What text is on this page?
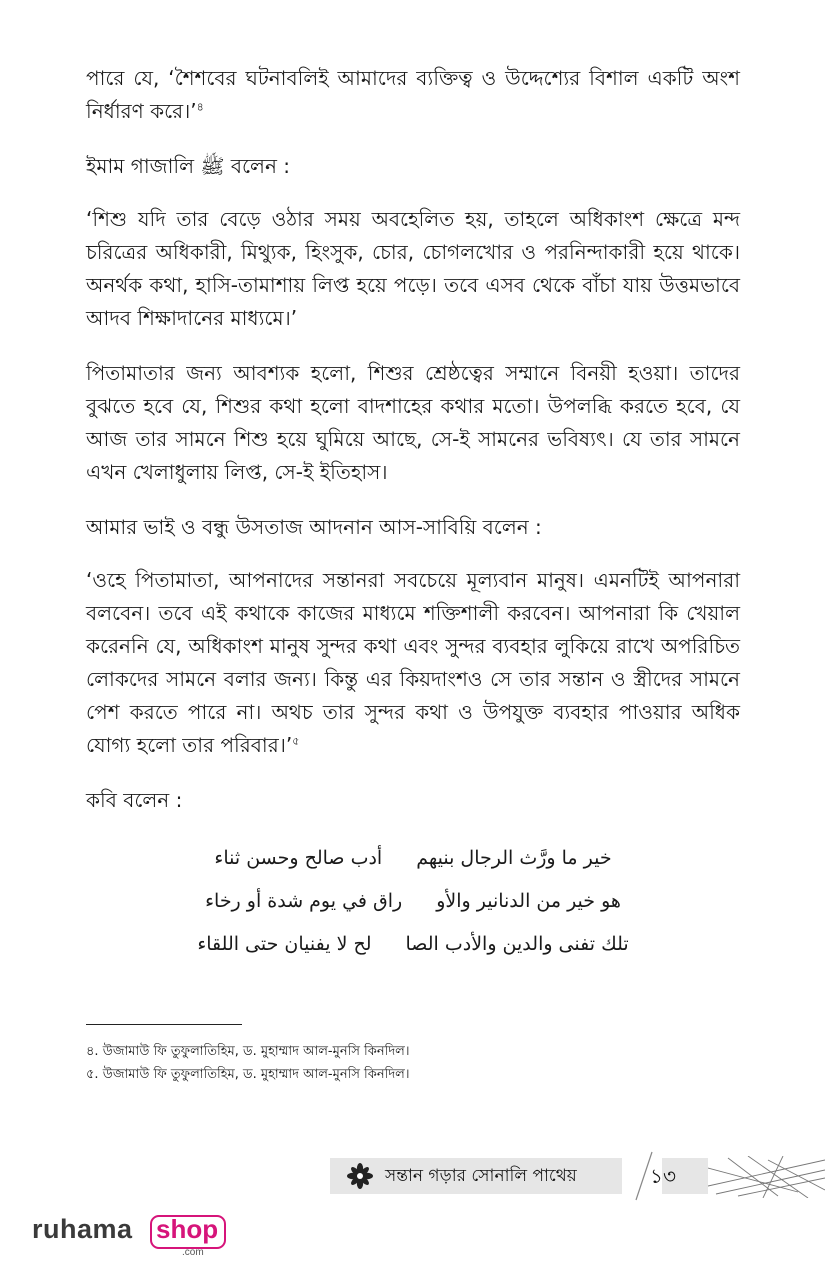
পারে যে, ‘শৈশবের ঘটনাবলিই আমাদের ব্যক্তিত্ব ও উদ্দেশ্যের বিশাল একটি অংশ নির্ধারণ করে।’$^৪$

ইমাম গাজালি ﷺ বলেন :

‘শিশু যদি তার বেড়ে ওঠার সময় অবহেলিত হয়, তাহলে অধিকাংশ ক্ষেত্রে মন্দ চরিত্রের অধিকারী, মিথ্যুক, হিংসুক, চোর, চোগলখোর ও পরনিন্দাকারী হয়ে থাকে। অনর্থক কথা, হাসি-তামাশায় লিপ্ত হয়ে পড়ে। তবে এসব থেকে বাঁচা যায় উত্তমভাবে আদব শিক্ষাদানের মাধ্যমে।’

পিতামাতার জন্য আবশ্যক হলো, শিশুর শ্রেষ্ঠত্বের সম্মানে বিনয়ী হওয়া। তাদের বুঝতে হবে যে, শিশুর কথা হলো বাদশাহের কথার মতো। উপলব্ধি করতে হবে, যে আজ তার সামনে শিশু হয়ে ঘুমিয়ে আছে, সে-ই সামনের ভবিষ্যৎ। যে তার সামনে এখন খেলাধুলায় লিপ্ত, সে-ই ইতিহাস।

আমার ভাই ও বন্ধু উসতাজ আদনান আস-সাবিয়ি বলেন :

‘ওহে পিতামাতা, আপনাদের সন্তানরা সবচেয়ে মূল্যবান মানুষ। এমনটিই আপনারা বলবেন। তবে এই কথাকে কাজের মাধ্যমে শক্তিশালী করবেন। আপনারা কি খেয়াল করেননি যে, অধিকাংশ মানুষ সুন্দর কথা এবং সুন্দর ব্যবহার লুকিয়ে রাখে অপরিচিত লোকদের সামনে বলার জন্য। কিন্তু এর কিয়দাংশও সে তার সন্তান ও স্ত্রীদের সামনে পেশ করতে পারে না। অথচ তার সুন্দর কথা ও উপযুক্ত ব্যবহার পাওয়ার অধিক যোগ্য হলো তার পরিবার।’$^৫$

কবি বলেন :

خير ما ورَّث الرجال بنيهم
أدب صالح وحسن ثناء
هو خير من الدنانير والأو
راق في يوم شدة أو رخاء
تلك تفنى والدين والأدب الصا
لح لا يفنيان حتى اللقاء

৪. উজামাউ ফি তুফুলাতিহিম, ড. মুহাম্মাদ আল-মুনসি কিনদিল।

৫. উজামাউ ফি তুফুলাতিহিম, ড. মুহাম্মাদ আল-মুনসি কিনদিল।

সন্তান গড়ার সোনালি পাথেয়	১৩
ruhama shop
.com
